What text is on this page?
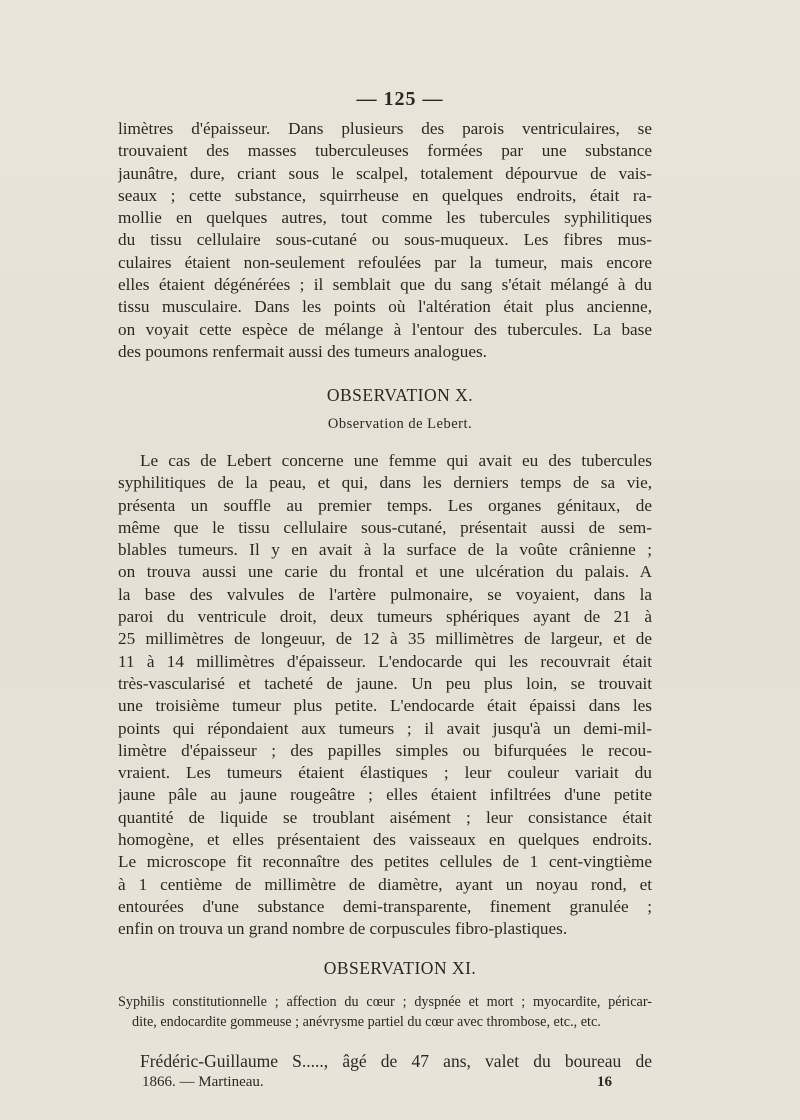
— 125 —
limètres d'épaisseur. Dans plusieurs des parois ventriculaires, se
trouvaient des masses tuberculeuses formées par une substance
jaunâtre, dure, criant sous le scalpel, totalement dépourvue de vais-
seaux ; cette substance, squirrheuse en quelques endroits, était ra-
mollie en quelques autres, tout comme les tubercules syphilitiques
du tissu cellulaire sous-cutané ou sous-muqueux. Les fibres mus-
culaires étaient non-seulement refoulées par la tumeur, mais encore
elles étaient dégénérées ; il semblait que du sang s'était mélangé à du
tissu musculaire. Dans les points où l'altération était plus ancienne,
on voyait cette espèce de mélange à l'entour des tubercules. La base
des poumons renfermait aussi des tumeurs analogues.
OBSERVATION X.
Observation de Lebert.
Le cas de Lebert concerne une femme qui avait eu des tubercules
syphilitiques de la peau, et qui, dans les derniers temps de sa vie,
présenta un souffle au premier temps. Les organes génitaux, de
même que le tissu cellulaire sous-cutané, présentait aussi de sem-
blables tumeurs. Il y en avait à la surface de la voûte crânienne ;
on trouva aussi une carie du frontal et une ulcération du palais. A
la base des valvules de l'artère pulmonaire, se voyaient, dans la
paroi du ventricule droit, deux tumeurs sphériques ayant de 21 à
25 millimètres de longeuur, de 12 à 35 millimètres de largeur, et de
11 à 14 millimètres d'épaisseur. L'endocarde qui les recouvrait était
très-vascularisé et tacheté de jaune. Un peu plus loin, se trouvait
une troisième tumeur plus petite. L'endocarde était épaissi dans les
points qui répondaient aux tumeurs ; il avait jusqu'à un demi-mil-
limètre d'épaisseur ; des papilles simples ou bifurquées le recou-
vraient. Les tumeurs étaient élastiques ; leur couleur variait du
jaune pâle au jaune rougeâtre ; elles étaient infiltrées d'une petite
quantité de liquide se troublant aisément ; leur consistance était
homogène, et elles présentaient des vaisseaux en quelques endroits.
Le microscope fit reconnaître des petites cellules de 1 cent-vingtième
à 1 centième de millimètre de diamètre, ayant un noyau rond, et
entourées d'une substance demi-transparente, finement granulée ;
enfin on trouva un grand nombre de corpuscules fibro-plastiques.
OBSERVATION XI.
Syphilis constitutionnelle ; affection du cœur ; dyspnée et mort ; myocardite, péricar-
dite, endocardite gommeuse ; anévrysme partiel du cœur avec thrombose, etc., etc.
Frédéric-Guillaume S....., âgé de 47 ans, valet du boureau de
1866. — Martineau.	16
